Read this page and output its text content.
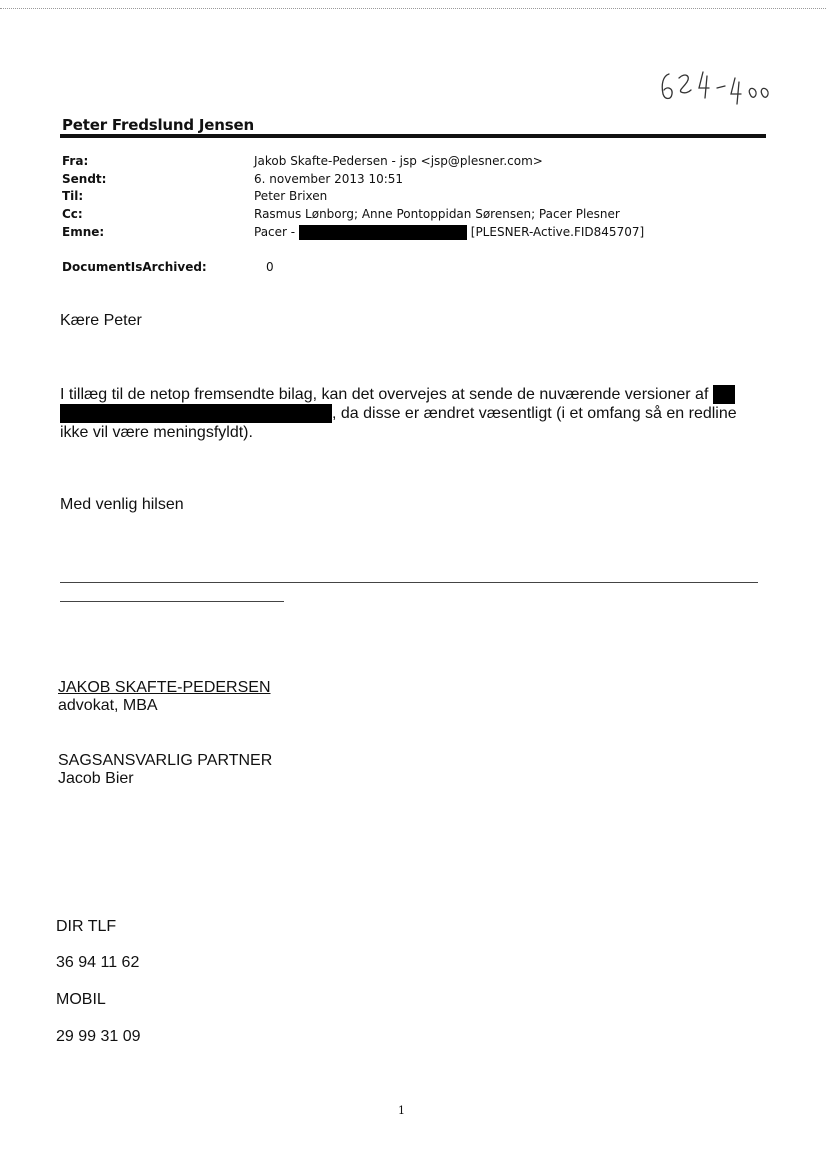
Peter Fredslund Jensen
Fra:	Jakob Skafte-Pedersen - jsp <jsp@plesner.com>
Sendt:	6. november 2013 10:51
Til:	Peter Brixen
Cc:	Rasmus Lønborg; Anne Pontoppidan Sørensen; Pacer Plesner
Emne:	Pacer -	[PLESNER-Active.FID845707]
DocumentIsArchived:	0
Kære Peter
I tillæg til de netop fremsendte bilag, kan det overvejes at sende de nuværende versioner af
, da disse er ændret væsentligt (i et omfang så en redline
ikke vil være meningsfyldt).
Med venlig hilsen
JAKOB SKAFTE-PEDERSEN
advokat, MBA
SAGSANSVARLIG PARTNER
Jacob Bier
DIR TLF
36 94 11 62
MOBIL
29 99 31 09
1
